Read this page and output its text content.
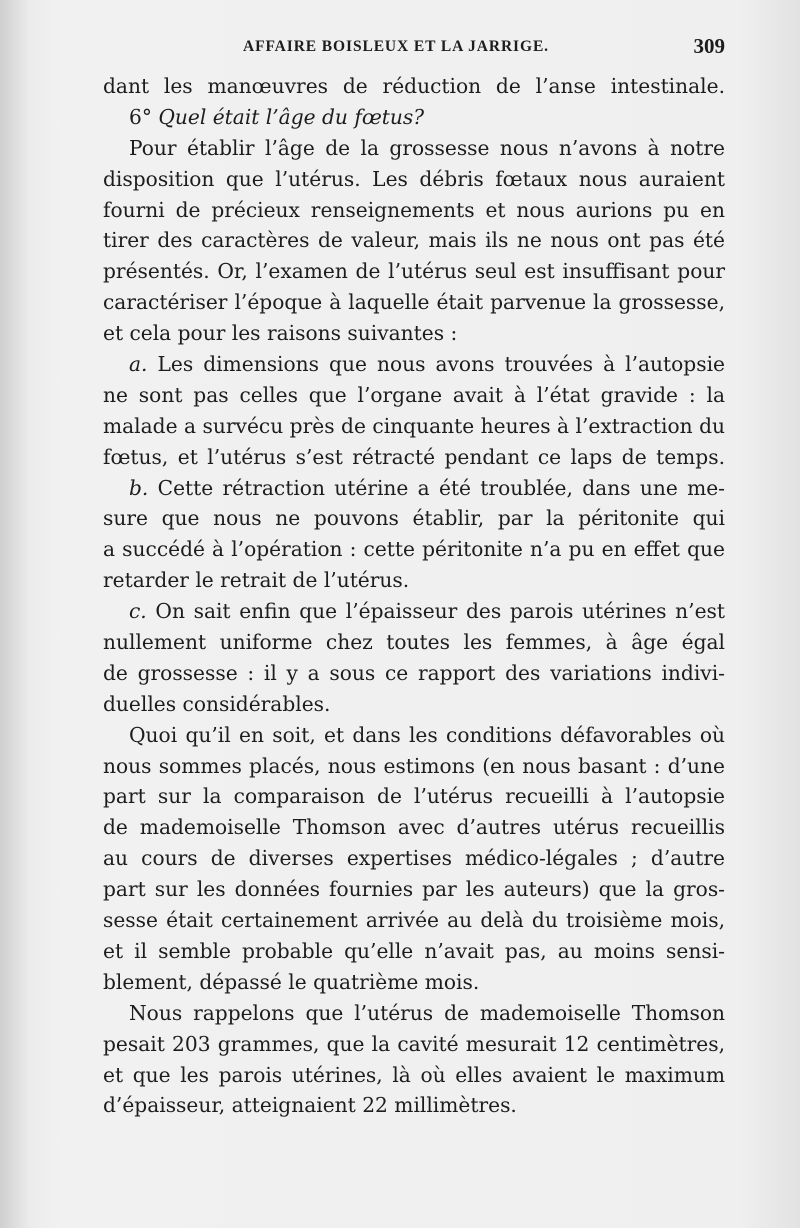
AFFAIRE BOISLEUX ET LA JARRIGE.	309
dant les manœuvres de réduction de l’anse intestinale.
6° Quel était l’âge du fœtus?
Pour établir l’âge de la grossesse nous n’avons à notre
disposition que l’utérus. Les débris fœtaux nous auraient
fourni de précieux renseignements et nous aurions pu en
tirer des caractères de valeur, mais ils ne nous ont pas été
présentés. Or, l’examen de l’utérus seul est insuffisant pour
caractériser l’époque à laquelle était parvenue la grossesse,
et cela pour les raisons suivantes :
a. Les dimensions que nous avons trouvées à l’autopsie
ne sont pas celles que l’organe avait à l’état gravide : la
malade a survécu près de cinquante heures à l’extraction du
fœtus, et l’utérus s’est rétracté pendant ce laps de temps.
b. Cette rétraction utérine a été troublée, dans une me-
sure que nous ne pouvons établir, par la péritonite qui
a succédé à l’opération : cette péritonite n’a pu en effet que
retarder le retrait de l’utérus.
c. On sait enfin que l’épaisseur des parois utérines n’est
nullement uniforme chez toutes les femmes, à âge égal
de grossesse : il y a sous ce rapport des variations indivi-
duelles considérables.
Quoi qu’il en soit, et dans les conditions défavorables où
nous sommes placés, nous estimons (en nous basant : d’une
part sur la comparaison de l’utérus recueilli à l’autopsie
de mademoiselle Thomson avec d’autres utérus recueillis
au cours de diverses expertises médico-légales ; d’autre
part sur les données fournies par les auteurs) que la gros-
sesse était certainement arrivée au delà du troisième mois,
et il semble probable qu’elle n’avait pas, au moins sensi-
blement, dépassé le quatrième mois.
Nous rappelons que l’utérus de mademoiselle Thomson
pesait 203 grammes, que la cavité mesurait 12 centimètres,
et que les parois utérines, là où elles avaient le maximum
d’épaisseur, atteignaient 22 millimètres.
